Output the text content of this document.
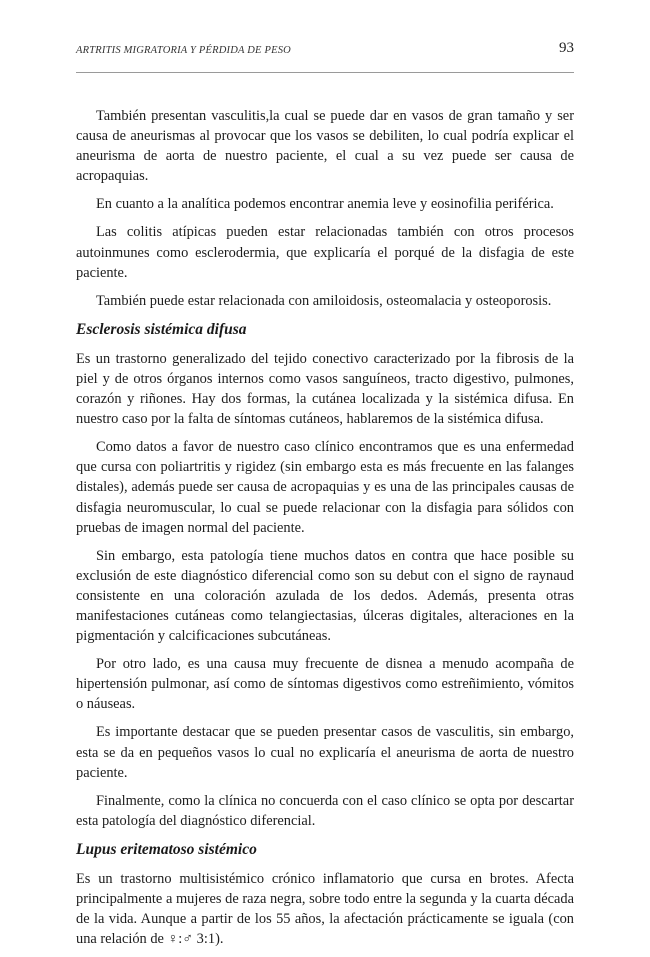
ARTRITIS MIGRATORIA Y PÉRDIDA DE PESO	93

También presentan vasculitis,la cual se puede dar en vasos de gran tamaño y ser causa de aneurismas al provocar que los vasos se debiliten, lo cual podría explicar el aneurisma de aorta de nuestro paciente, el cual a su vez puede ser causa de acropaquias.

En cuanto a la analítica podemos encontrar anemia leve y eosinofilia periférica.

Las colitis atípicas pueden estar relacionadas también con otros procesos autoinmunes como esclerodermia, que explicaría el porqué de la disfagia de este paciente.

También puede estar relacionada con amiloidosis, osteomalacia y osteoporosis.

Esclerosis sistémica difusa

Es un trastorno generalizado del tejido conectivo caracterizado por la fibrosis de la piel y de otros órganos internos como vasos sanguíneos, tracto digestivo, pulmones, corazón y riñones. Hay dos formas, la cutánea localizada y la sistémica difusa. En nuestro caso por la falta de síntomas cutáneos, hablaremos de la sistémica difusa.

Como datos a favor de nuestro caso clínico encontramos que es una enfermedad que cursa con poliartritis y rigidez (sin embargo esta es más frecuente en las falanges distales), además puede ser causa de acropaquias y es una de las principales causas de disfagia neuromuscular, lo cual se puede relacionar con la disfagia para sólidos con pruebas de imagen normal del paciente.

Sin embargo, esta patología tiene muchos datos en contra que hace posible su exclusión de este diagnóstico diferencial como son su debut con el signo de raynaud consistente en una coloración azulada de los dedos. Además, presenta otras manifestaciones cutáneas como telangiectasias, úlceras digitales, alteraciones en la pigmentación y calcificaciones subcutáneas.

Por otro lado, es una causa muy frecuente de disnea a menudo acompaña de hipertensión pulmonar, así como de síntomas digestivos como estreñimiento, vómitos o náuseas.

Es importante destacar que se pueden presentar casos de vasculitis, sin embargo, esta se da en pequeños vasos lo cual no explicaría el aneurisma de aorta de nuestro paciente.

Finalmente, como la clínica no concuerda con el caso clínico se opta por descartar esta patología del diagnóstico diferencial.

Lupus eritematoso sistémico

Es un trastorno multisistémico crónico inflamatorio que cursa en brotes. Afecta principalmente a mujeres de raza negra, sobre todo entre la segunda y la cuarta década de la vida. Aunque a partir de los 55 años, la afectación prácticamente se iguala (con una relación de ♀:♂ 3:1).
